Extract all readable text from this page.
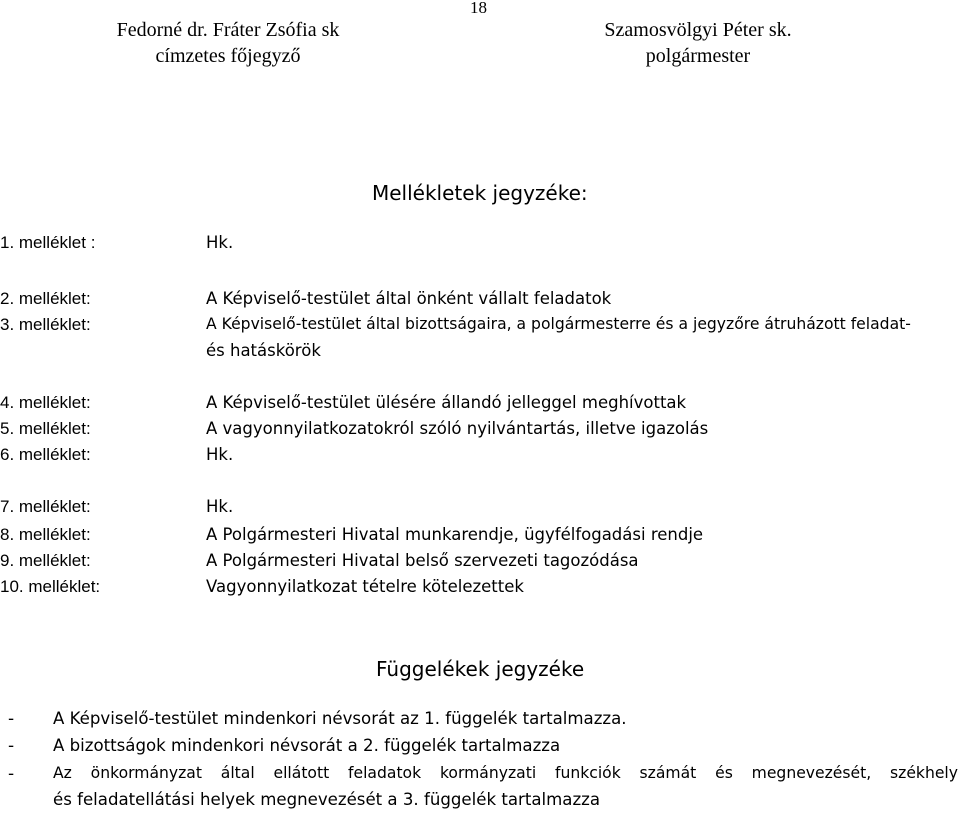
18
Fedorné dr. Fráter Zsófia sk
címzetes főjegyző
Szamosvölgyi Péter sk.
polgármester
Mellékletek jegyzéke:
1. melléklet :	Hk.
2. melléklet:	A Képviselő-testület által önként vállalt feladatok
3. melléklet:	A Képviselő-testület által bizottságaira, a polgármesterre és a jegyzőre átruházott feladat-
és hatáskörök
4. melléklet:	A Képviselő-testület ülésére állandó jelleggel meghívottak
5. melléklet:	A vagyonnyilatkozatokról szóló nyilvántartás, illetve igazolás
6. melléklet:	Hk.
7. melléklet:	Hk.
8. melléklet:	A Polgármesteri Hivatal munkarendje, ügyfélfogadási rendje
9. melléklet:	A Polgármesteri Hivatal belső szervezeti tagozódása
10. melléklet:	Vagyonnyilatkozat tételre kötelezettek
Függelékek jegyzéke
- A Képviselő-testület mindenkori névsorát az 1. függelék tartalmazza.
- A bizottságok mindenkori névsorát a 2. függelék tartalmazza
- Az önkormányzat által ellátott feladatok kormányzati funkciók számát és megnevezését, székhely
és feladatellátási helyek megnevezését a 3. függelék tartalmazza
